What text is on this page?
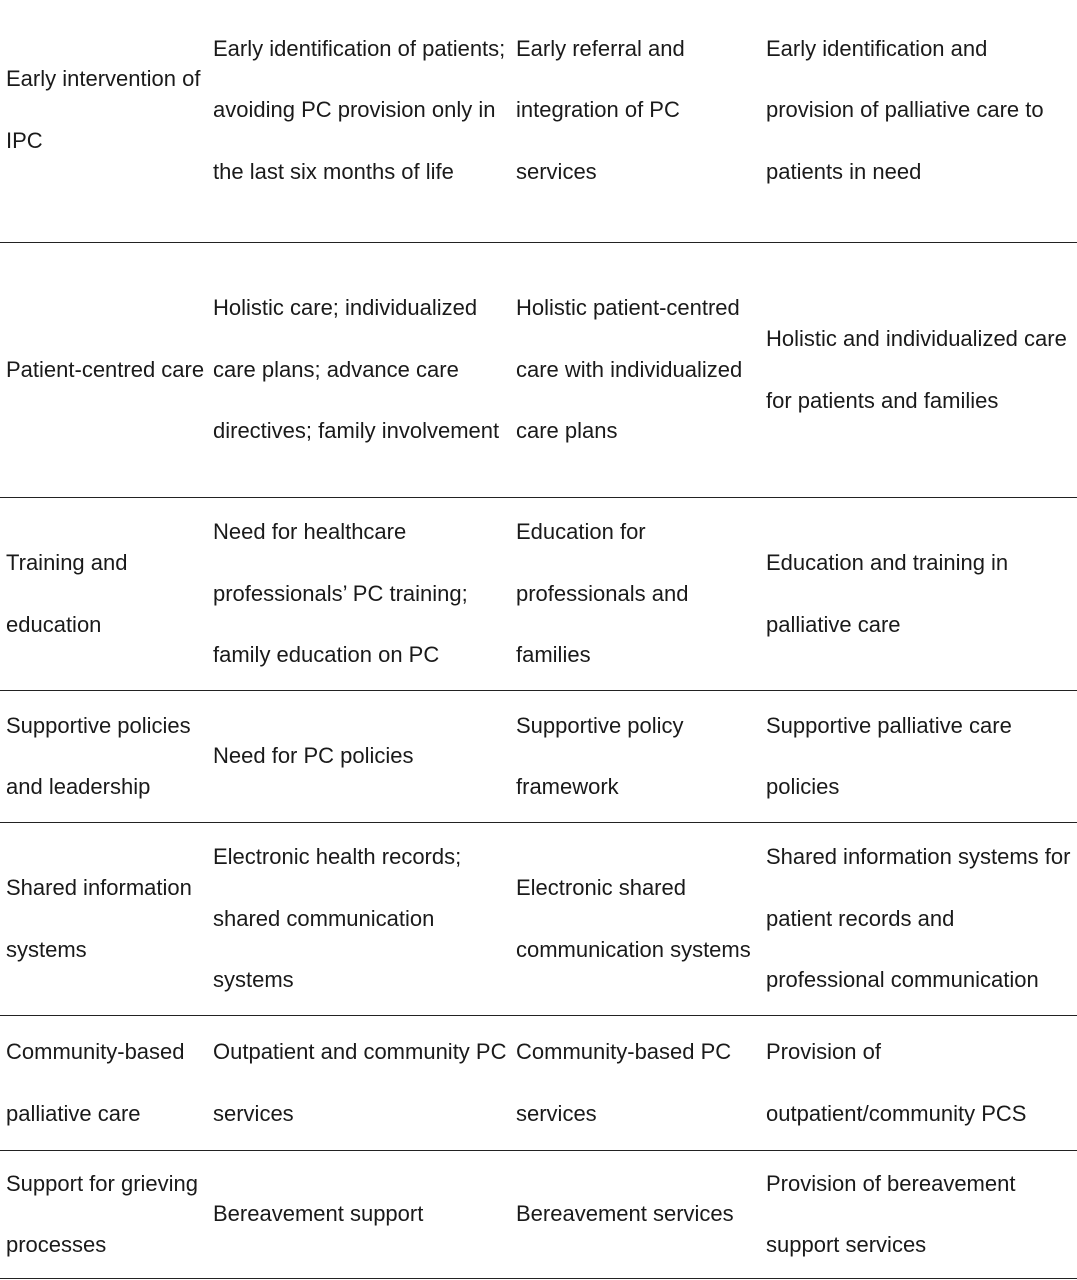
Early intervention of IPC	Early identification of patients; avoiding PC provision only in the last six months of life	Early referral and integration of PC services	Early identification and provision of palliative care to patients in need
Patient-centred care	Holistic care; individualized care plans; advance care directives; family involvement	Holistic patient-centred care with individualized care plans	Holistic and individualized care for patients and families
Training and education	Need for healthcare professionals’ PC training; family education on PC	Education for professionals and families	Education and training in palliative care
Supportive policies and leadership	Need for PC policies	Supportive policy framework	Supportive palliative care policies
Shared information systems	Electronic health records; shared communication systems	Electronic shared communication systems	Shared information systems for patient records and professional communication
Community-based palliative care	Outpatient and community PC services	Community-based PC services	Provision of outpatient/community PCS
Support for grieving processes	Bereavement support	Bereavement services	Provision of bereavement support services
